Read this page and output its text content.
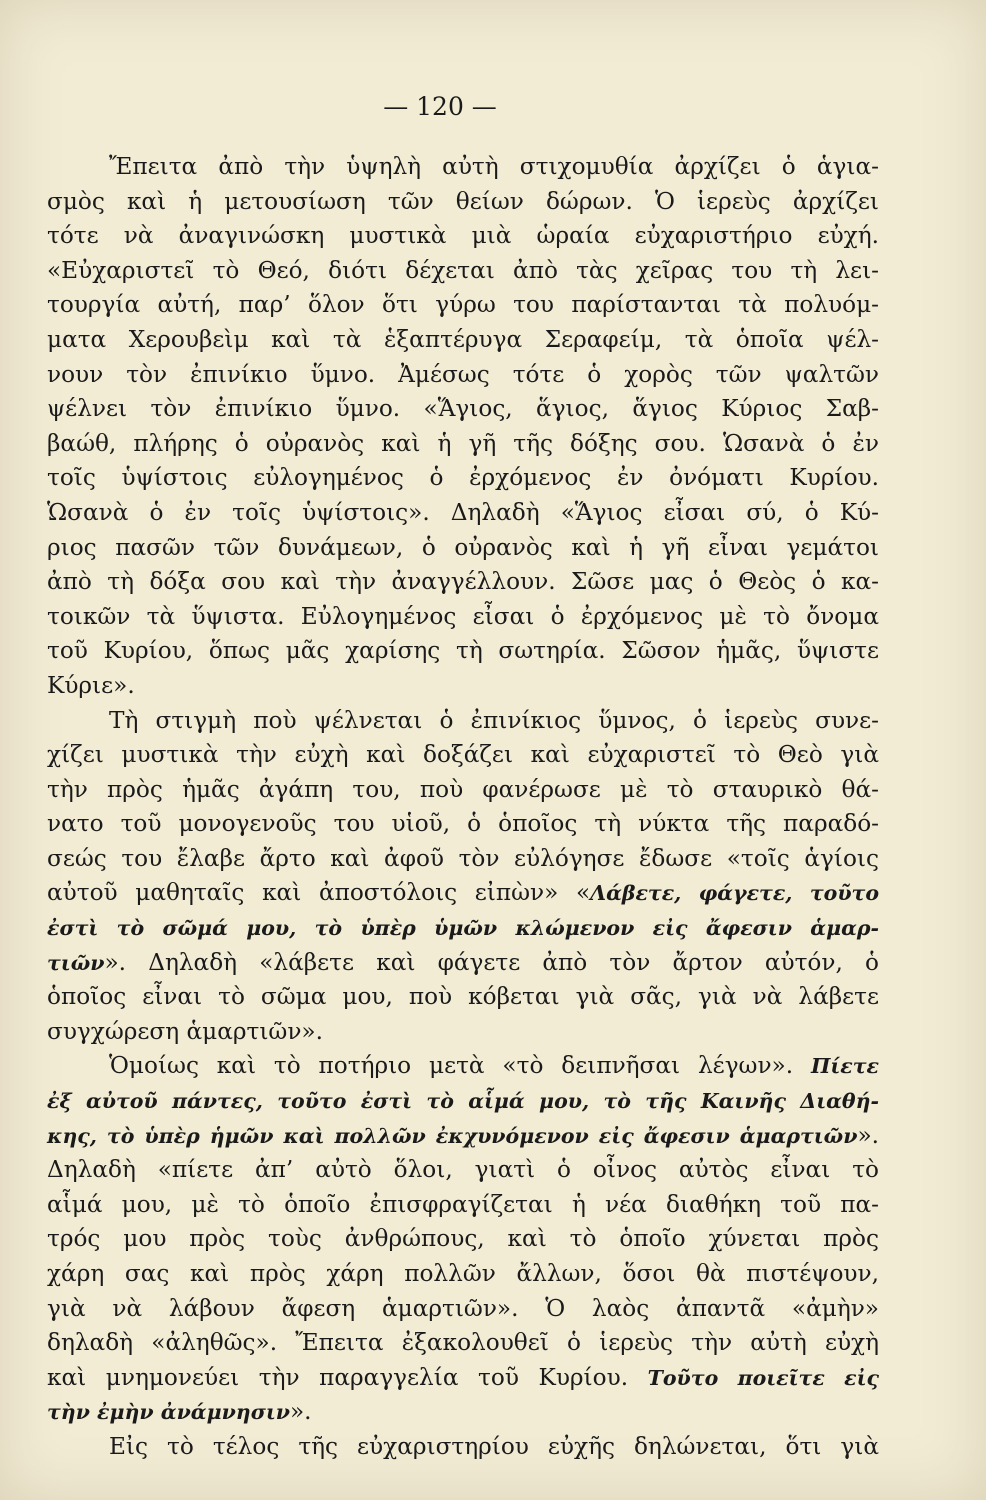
— 120 —
Ἔπειτα ἀπὸ τὴν ὑψηλὴ αὐτὴ στιχομυθία ἀρχίζει ὁ ἁγια-
σμὸς καὶ ἡ μετουσίωση τῶν θείων δώρων. Ὁ ἱερεὺς ἀρχίζει
τότε νὰ ἀναγινώσκη μυστικὰ μιὰ ὡραία εὐχαριστήριο εὐχή.
«Εὐχαριστεῖ τὸ Θεό, διότι δέχεται ἀπὸ τὰς χεῖρας του τὴ λει-
τουργία αὐτή, παρ’ ὅλον ὅτι γύρω του παρίστανται τὰ πολυόμ-
ματα Χερουβεὶμ καὶ τὰ ἑξαπτέρυγα Σεραφείμ, τὰ ὁποῖα ψέλ-
νουν τὸν ἐπινίκιο ὕμνο. Ἀμέσως τότε ὁ χορὸς τῶν ψαλτῶν
ψέλνει τὸν ἐπινίκιο ὕμνο. «Ἅγιος, ἅγιος, ἅγιος Κύριος Σαβ-
βαώθ, πλήρης ὁ οὐρανὸς καὶ ἡ γῆ τῆς δόξης σου. Ὡσανὰ ὁ ἐν
τοῖς ὑψίστοις εὐλογημένος ὁ ἐρχόμενος ἐν ὀνόματι Κυρίου.
Ὡσανὰ ὁ ἐν τοῖς ὑψίστοις». Δηλαδὴ «Ἅγιος εἶσαι σύ, ὁ Κύ-
ριος πασῶν τῶν δυνάμεων, ὁ οὐρανὸς καὶ ἡ γῆ εἶναι γεμάτοι
ἀπὸ τὴ δόξα σου καὶ τὴν ἀναγγέλλουν. Σῶσε μας ὁ Θεὸς ὁ κα-
τοικῶν τὰ ὕψιστα. Εὐλογημένος εἶσαι ὁ ἐρχόμενος μὲ τὸ ὄνομα
τοῦ Κυρίου, ὅπως μᾶς χαρίσης τὴ σωτηρία. Σῶσον ἡμᾶς, ὕψιστε
Κύριε».
Τὴ στιγμὴ ποὺ ψέλνεται ὁ ἐπινίκιος ὕμνος, ὁ ἱερεὺς συνε-
χίζει μυστικὰ τὴν εὐχὴ καὶ δοξάζει καὶ εὐχαριστεῖ τὸ Θεὸ γιὰ
τὴν πρὸς ἡμᾶς ἀγάπη του, ποὺ φανέρωσε μὲ τὸ σταυρικὸ θά-
νατο τοῦ μονογενοῦς του υἱοῦ, ὁ ὁποῖος τὴ νύκτα τῆς παραδό-
σεώς του ἔλαβε ἄρτο καὶ ἀφοῦ τὸν εὐλόγησε ἔδωσε «τοῖς ἁγίοις
αὐτοῦ μαθηταῖς καὶ ἀποστόλοις εἰπὼν» «Λάβετε, φάγετε, τοῦτο
ἐστὶ τὸ σῶμά μου, τὸ ὑπὲρ ὑμῶν κλώμενον εἰς ἄφεσιν ἁμαρ-
τιῶν». Δηλαδὴ «λάβετε καὶ φάγετε ἀπὸ τὸν ἄρτον αὐτόν, ὁ
ὁποῖος εἶναι τὸ σῶμα μου, ποὺ κόβεται γιὰ σᾶς, γιὰ νὰ λάβετε
συγχώρεση ἁμαρτιῶν».
Ὁμοίως καὶ τὸ ποτήριο μετὰ «τὸ δειπνῆσαι λέγων». Πίετε
ἐξ αὐτοῦ πάντες, τοῦτο ἐστὶ τὸ αἷμά μου, τὸ τῆς Καινῆς Διαθή-
κης, τὸ ὑπὲρ ἡμῶν καὶ πολλῶν ἐκχυνόμενον εἰς ἄφεσιν ἁμαρτιῶν».
Δηλαδὴ «πίετε ἀπ’ αὐτὸ ὅλοι, γιατὶ ὁ οἶνος αὐτὸς εἶναι τὸ
αἷμά μου, μὲ τὸ ὁποῖο ἐπισφραγίζεται ἡ νέα διαθήκη τοῦ πα-
τρός μου πρὸς τοὺς ἀνθρώπους, καὶ τὸ ὁποῖο χύνεται πρὸς
χάρη σας καὶ πρὸς χάρη πολλῶν ἄλλων, ὅσοι θὰ πιστέψουν,
γιὰ νὰ λάβουν ἄφεση ἁμαρτιῶν». Ὁ λαὸς ἀπαντᾶ «ἀμὴν»
δηλαδὴ «ἀληθῶς». Ἔπειτα ἐξακολουθεῖ ὁ ἱερεὺς τὴν αὐτὴ εὐχὴ
καὶ μνημονεύει τὴν παραγγελία τοῦ Κυρίου. Τοῦτο ποιεῖτε εἰς
τὴν ἐμὴν ἀνάμνησιν».
Εἰς τὸ τέλος τῆς εὐχαριστηρίου εὐχῆς δηλώνεται, ὅτι γιὰ
